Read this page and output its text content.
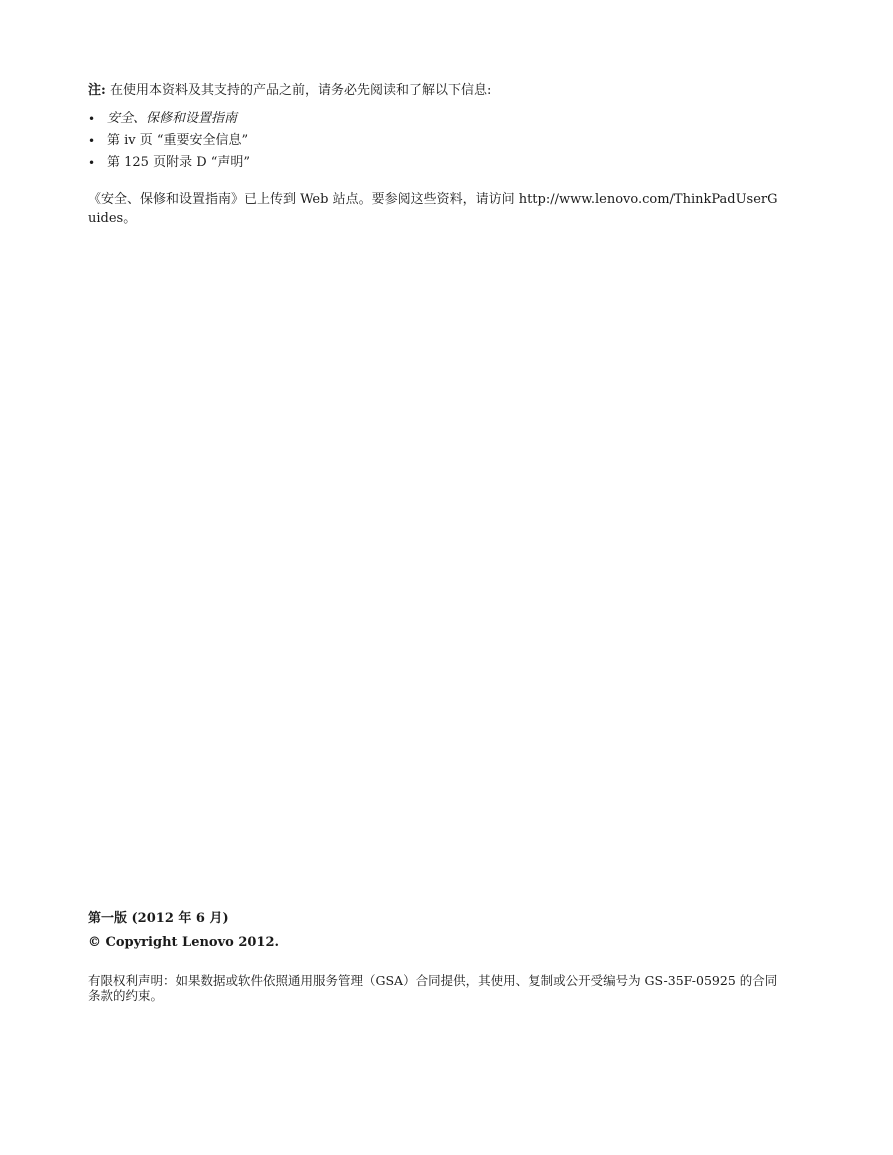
注: 在使用本资料及其支持的产品之前，请务必先阅读和了解以下信息:
• 安全、保修和设置指南
• 第 iv 页 “重要安全信息”
• 第 125 页附录 D “声明”
《安全、保修和设置指南》已上传到 Web 站点。要参阅这些资料，请访问 http://www.lenovo.com/ThinkPadUserGuides。
第一版 (2012 年 6 月)
© Copyright Lenovo 2012.
有限权利声明：如果数据或软件依照通用服务管理（GSA）合同提供，其使用、复制或公开受编号为 GS-35F-05925 的合同条款的约束。
